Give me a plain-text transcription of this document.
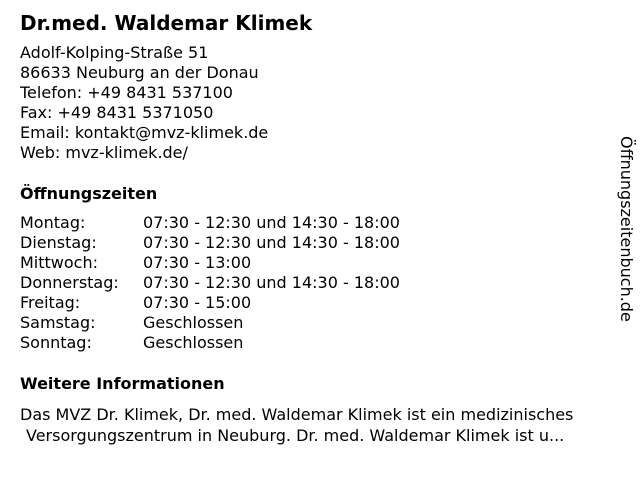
Dr.med. Waldemar Klimek
Adolf-Kolping-Straße 51
86633 Neuburg an der Donau
Telefon: +49 8431 537100
Fax: +49 8431 5371050
Email: kontakt@mvz-klimek.de
Web: mvz-klimek.de/
Öffnungszeiten
Montag:	07:30 - 12:30 und 14:30 - 18:00
Dienstag:	07:30 - 12:30 und 14:30 - 18:00
Mittwoch:	07:30 - 13:00
Donnerstag: 07:30 - 12:30 und 14:30 - 18:00
Freitag:	07:30 - 15:00
Samstag:	Geschlossen
Sonntag:	Geschlossen
Weitere Informationen
Das MVZ Dr. Klimek, Dr. med. Waldemar Klimek ist ein medizinisches
Versorgungszentrum in Neuburg. Dr. med. Waldemar Klimek ist u...
Öffnungszeitenbuch.de
